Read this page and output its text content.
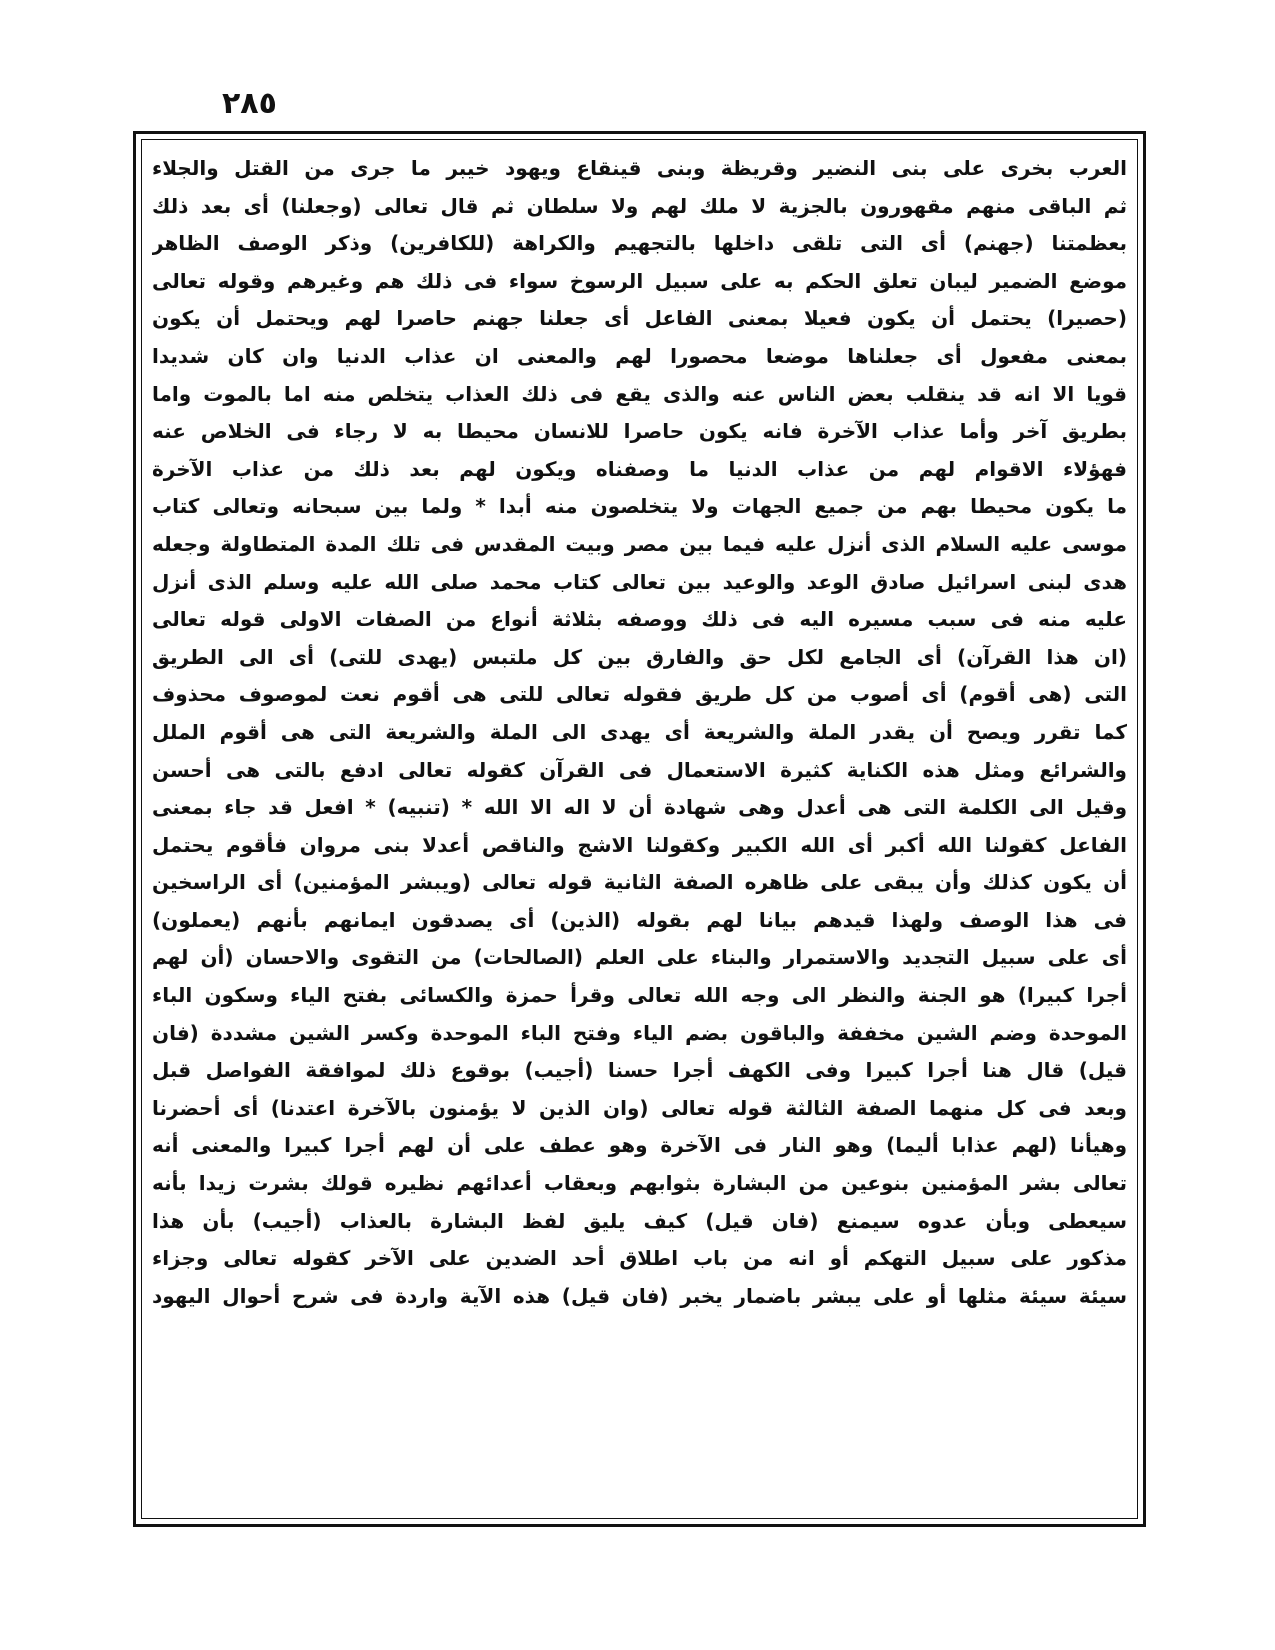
٢٨٥
العرب بخرى على بنى النضير وقريظة وبنى قينقاع ويهود خيبر ما جرى من القتل والجلاء
ثم الباقى منهم مقهورون بالجزية لا ملك لهم ولا سلطان ثم قال تعالى (وجعلنا) أى بعد ذلك
بعظمتنا (جهنم) أى التى تلقى داخلها بالتجهيم والكراهة (للكافرين) وذكر الوصف الظاهر
موضع الضمير ليبان تعلق الحكم به على سبيل الرسوخ سواء فى ذلك هم وغيرهم وقوله تعالى
(حصيرا) يحتمل أن يكون فعيلا بمعنى الفاعل أى جعلنا جهنم حاصرا لهم ويحتمل أن يكون
بمعنى مفعول أى جعلناها موضعا محصورا لهم والمعنى ان عذاب الدنيا وان كان شديدا
قويا الا انه قد ينقلب بعض الناس عنه والذى يقع فى ذلك العذاب يتخلص منه اما بالموت واما
بطريق آخر وأما عذاب الآخرة فانه يكون حاصرا للانسان محيطا به لا رجاء فى الخلاص عنه
فهؤلاء الاقوام لهم من عذاب الدنيا ما وصفناه ويكون لهم بعد ذلك من عذاب الآخرة
ما يكون محيطا بهم من جميع الجهات ولا يتخلصون منه أبدا * ولما بين سبحانه وتعالى كتاب
موسى عليه السلام الذى أنزل عليه فيما بين مصر وبيت المقدس فى تلك المدة المتطاولة وجعله
هدى لبنى اسرائيل صادق الوعد والوعيد بين تعالى كتاب محمد صلى الله عليه وسلم الذى أنزل
عليه منه فى سبب مسيره اليه فى ذلك ووصفه بثلاثة أنواع من الصفات الاولى قوله تعالى
(ان هذا القرآن) أى الجامع لكل حق والفارق بين كل ملتبس (يهدى للتى) أى الى الطريق
التى (هى أقوم) أى أصوب من كل طريق فقوله تعالى للتى هى أقوم نعت لموصوف محذوف
كما تقرر ويصح أن يقدر الملة والشريعة أى يهدى الى الملة والشريعة التى هى أقوم الملل
والشرائع ومثل هذه الكناية كثيرة الاستعمال فى القرآن كقوله تعالى ادفع بالتى هى أحسن
وقيل الى الكلمة التى هى أعدل وهى شهادة أن لا اله الا الله * (تنبيه) * افعل قد جاء بمعنى
الفاعل كقولنا الله أكبر أى الله الكبير وكقولنا الاشج والناقص أعدلا بنى مروان فأقوم يحتمل
أن يكون كذلك وأن يبقى على ظاهره الصفة الثانية قوله تعالى (ويبشر المؤمنين) أى الراسخين
فى هذا الوصف ولهذا قيدهم بيانا لهم بقوله (الذين) أى يصدقون ايمانهم بأنهم (يعملون)
أى على سبيل التجديد والاستمرار والبناء على العلم (الصالحات) من التقوى والاحسان (أن لهم
أجرا كبيرا) هو الجنة والنظر الى وجه الله تعالى وقرأ حمزة والكسائى بفتح الياء وسكون الباء
الموحدة وضم الشين مخففة والباقون بضم الياء وفتح الباء الموحدة وكسر الشين مشددة (فان
قيل) قال هنا أجرا كبيرا وفى الكهف أجرا حسنا (أجيب) بوقوع ذلك لموافقة الفواصل قبل
وبعد فى كل منهما الصفة الثالثة قوله تعالى (وان الذين لا يؤمنون بالآخرة اعتدنا) أى أحضرنا
وهيأنا (لهم عذابا أليما) وهو النار فى الآخرة وهو عطف على أن لهم أجرا كبيرا والمعنى أنه
تعالى بشر المؤمنين بنوعين من البشارة بثوابهم وبعقاب أعدائهم نظيره قولك بشرت زيدا بأنه
سيعطى وبأن عدوه سيمنع (فان قيل) كيف يليق لفظ البشارة بالعذاب (أجيب) بأن هذا
مذكور على سبيل التهكم أو انه من باب اطلاق أحد الضدين على الآخر كقوله تعالى وجزاء
سيئة سيئة مثلها أو على يبشر باضمار يخبر (فان قيل) هذه الآية واردة فى شرح أحوال اليهود
